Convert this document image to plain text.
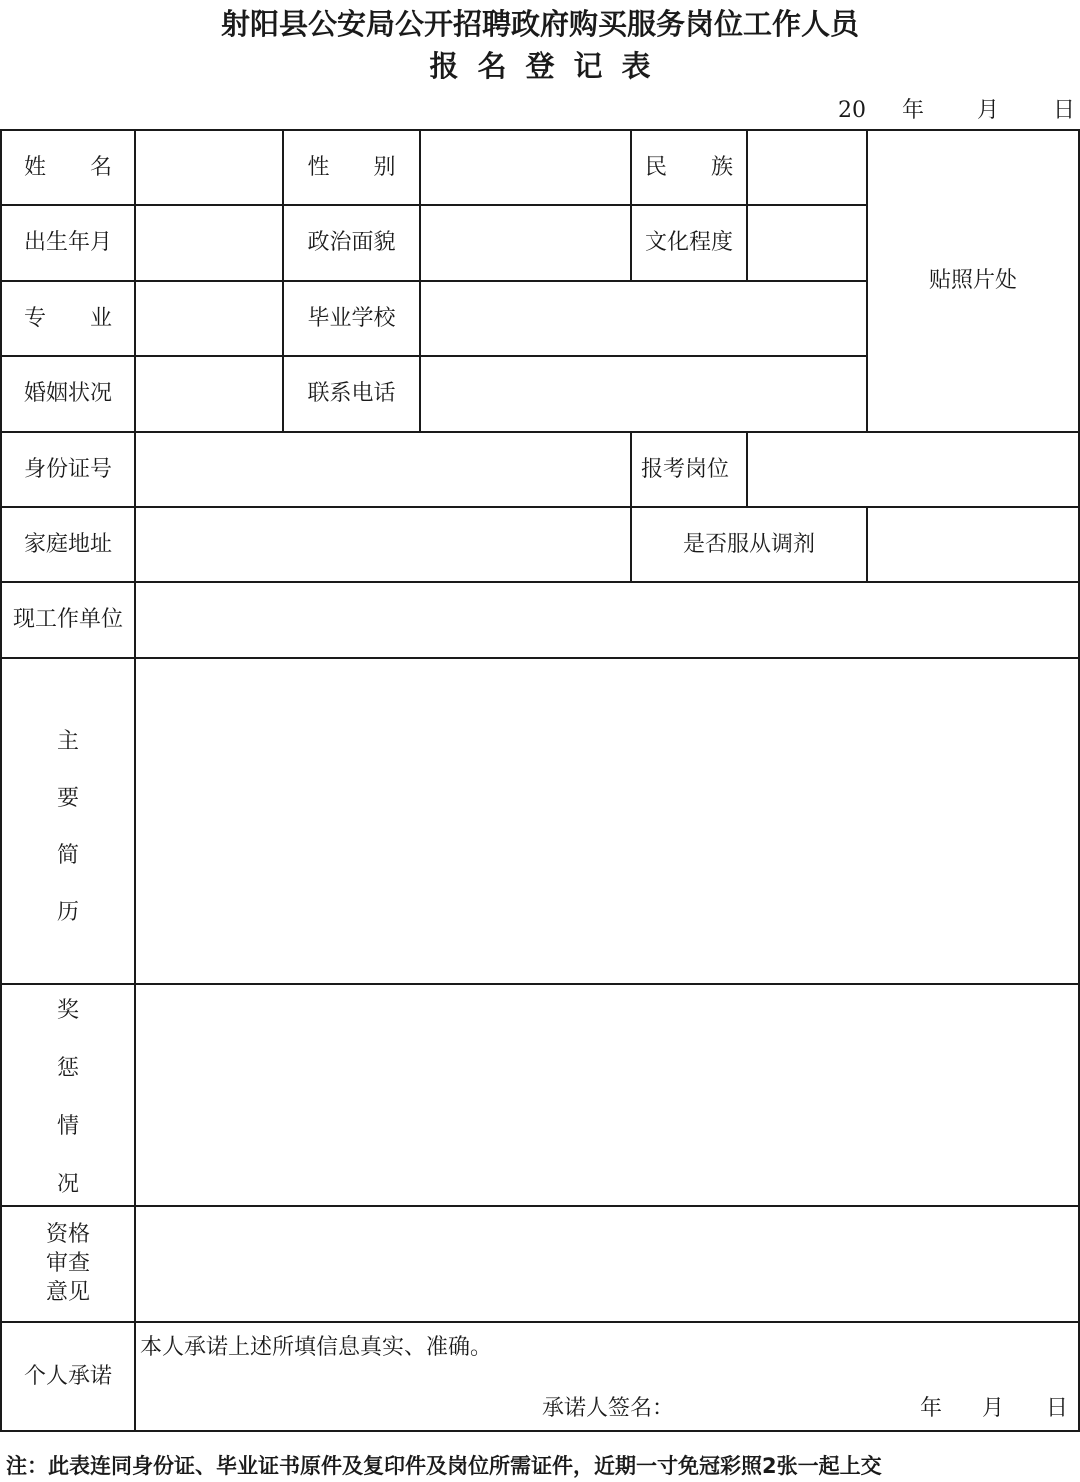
射阳县公安局公开招聘政府购买服务岗位工作人员
报名登记表
20 年 月 日
姓　　名	性　　别	民　　族
贴照片处
出生年月	政治面貌	文化程度
专　　业	毕业学校
婚姻状况	联系电话
身份证号	报考岗位
家庭地址	是否服从调剂
现工作单位
主
要
简
历
奖
惩
情
况
资格
审查
意见
个人承诺
本人承诺上述所填信息真实、准确。
承诺人签名：	年 月 日
注：此表连同身份证、毕业证书原件及复印件及岗位所需证件，近期一寸免冠彩照2张一起上交
